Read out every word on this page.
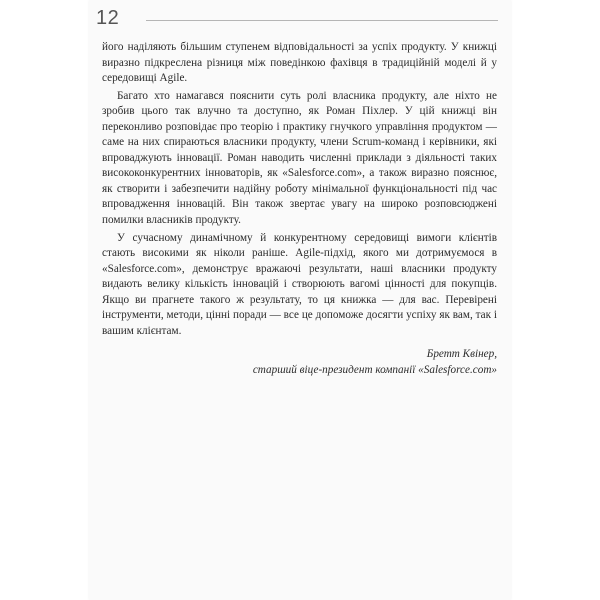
12

його наділяють більшим ступенем відповідальності за успіх продукту. У книжці виразно підкреслена різниця між поведінкою фахівця в традиційній моделі й у середовищі Agile.

Багато хто намагався пояснити суть ролі власника продукту, але ніхто не зробив цього так влучно та доступно, як Роман Піхлер. У цій книжці він переконливо розповідає про теорію і практику гнучкого управління продуктом — саме на них спираються власники продукту, члени Scrum-команд і керівники, які впроваджують інновації. Роман наводить численні приклади з діяльності таких висококонкурентних інноваторів, як «Salesforce.com», а також виразно пояснює, як створити і забезпечити надійну роботу мінімальної функціональності під час впровадження інновацій. Він також звертає увагу на широко розповсюджені помилки власників продукту.

У сучасному динамічному й конкурентному середовищі вимоги клієнтів стають високими як ніколи раніше. Agile-підхід, якого ми дотримуємося в «Salesforce.com», демонструє вражаючі результати, наші власники продукту видають велику кількість інновацій і створюють вагомі цінності для покупців. Якщо ви прагнете такого ж результату, то ця книжка — для вас. Перевірені інструменти, методи, цінні поради — все це допоможе досягти успіху як вам, так і вашим клієнтам.

Бретт Квінер,
старший віце-президент компанії «Salesforce.com»
